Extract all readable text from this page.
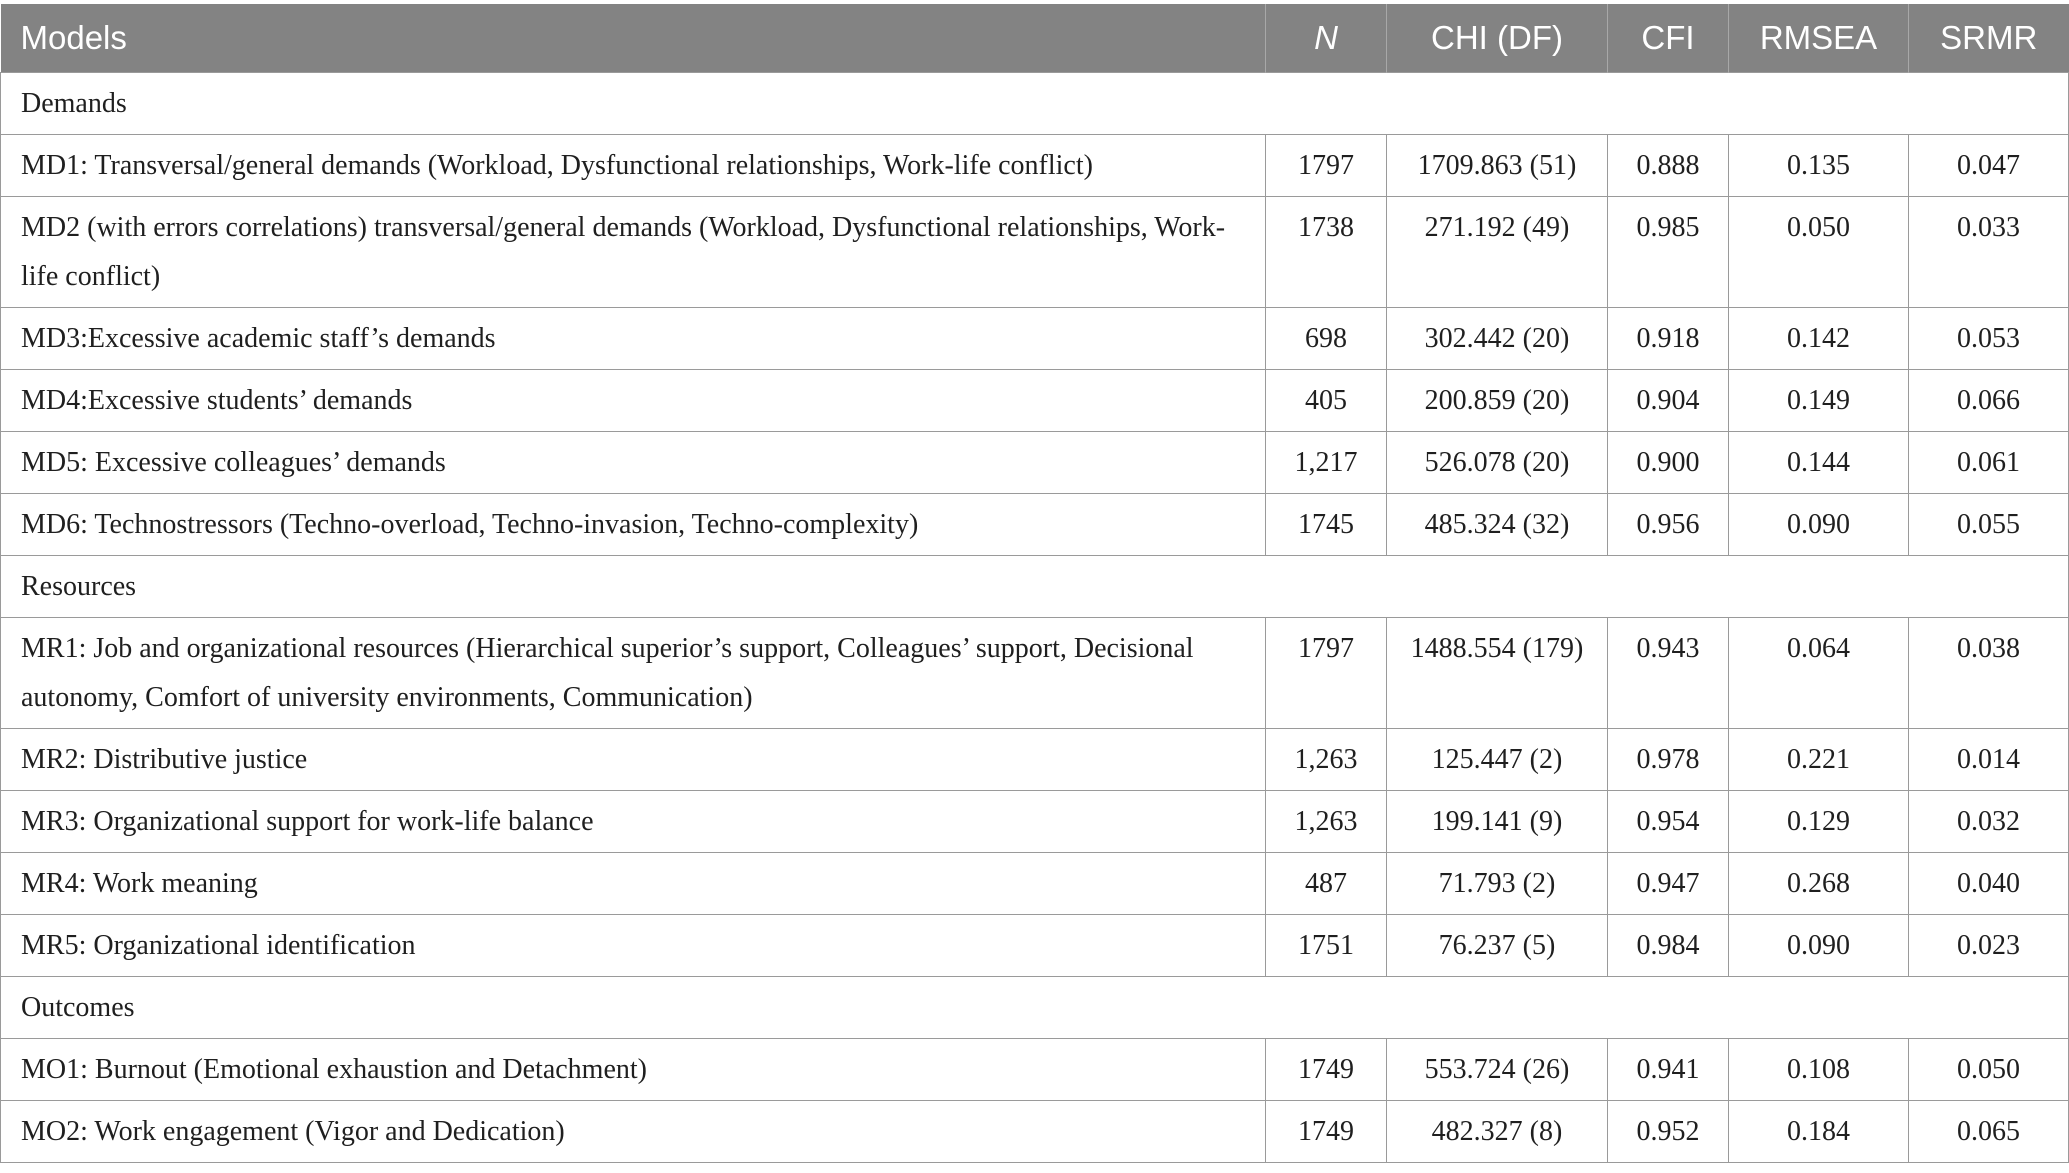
Models	N	CHI (DF)	CFI	RMSEA	SRMR
Demands					
MD1: Transversal/general demands (Workload, Dysfunctional relationships, Work-life conflict)	1797	1709.863 (51)	0.888	0.135	0.047
MD2 (with errors correlations) transversal/general demands (Workload, Dysfunctional relationships, Work-life conflict)	1738	271.192 (49)	0.985	0.050	0.033
MD3:Excessive academic staff’s demands	698	302.442 (20)	0.918	0.142	0.053
MD4:Excessive students’ demands	405	200.859 (20)	0.904	0.149	0.066
MD5: Excessive colleagues’ demands	1,217	526.078 (20)	0.900	0.144	0.061
MD6: Technostressors (Techno-overload, Techno-invasion, Techno-complexity)	1745	485.324 (32)	0.956	0.090	0.055
Resources					
MR1: Job and organizational resources (Hierarchical superior’s support, Colleagues’ support, Decisional autonomy, Comfort of university environments, Communication)	1797	1488.554 (179)	0.943	0.064	0.038
MR2: Distributive justice	1,263	125.447 (2)	0.978	0.221	0.014
MR3: Organizational support for work-life balance	1,263	199.141 (9)	0.954	0.129	0.032
MR4: Work meaning	487	71.793 (2)	0.947	0.268	0.040
MR5: Organizational identification	1751	76.237 (5)	0.984	0.090	0.023
Outcomes					
MO1: Burnout (Emotional exhaustion and Detachment)	1749	553.724 (26)	0.941	0.108	0.050
MO2: Work engagement (Vigor and Dedication)	1749	482.327 (8)	0.952	0.184	0.065
